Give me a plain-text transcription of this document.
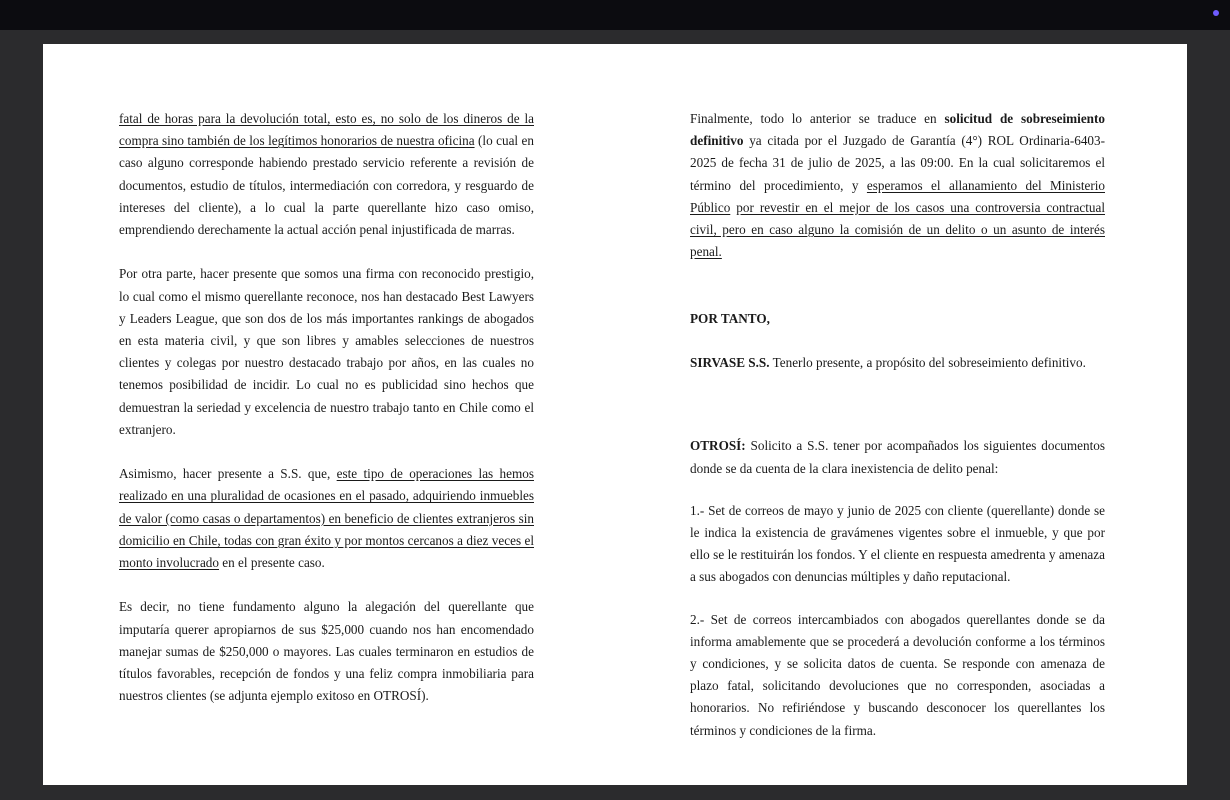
fatal de horas para la devolución total, esto es, no solo de los dineros de la compra sino también de los legítimos honorarios de nuestra oficina (lo cual en caso alguno corresponde habiendo prestado servicio referente a revisión de documentos, estudio de títulos, intermediación con corredora, y resguardo de intereses del cliente), a lo cual la parte querellante hizo caso omiso, emprendiendo derechamente la actual acción penal injustificada de marras.

Por otra parte, hacer presente que somos una firma con reconocido prestigio, lo cual como el mismo querellante reconoce, nos han destacado Best Lawyers y Leaders League, que son dos de los más importantes rankings de abogados en esta materia civil, y que son libres y amables selecciones de nuestros clientes y colegas por nuestro destacado trabajo por años, en las cuales no tenemos posibilidad de incidir. Lo cual no es publicidad sino hechos que demuestran la seriedad y excelencia de nuestro trabajo tanto en Chile como el extranjero.

Asimismo, hacer presente a S.S. que, este tipo de operaciones las hemos realizado en una pluralidad de ocasiones en el pasado, adquiriendo inmuebles de valor (como casas o departamentos) en beneficio de clientes extranjeros sin domicilio en Chile, todas con gran éxito y por montos cercanos a diez veces el monto involucrado en el presente caso.

Es decir, no tiene fundamento alguno la alegación del querellante que imputaría querer apropiarnos de sus $25,000 cuando nos han encomendado manejar sumas de $250,000 o mayores. Las cuales terminaron en estudios de títulos favorables, recepción de fondos y una feliz compra inmobiliaria para nuestros clientes (se adjunta ejemplo exitoso en OTROSÍ).

Finalmente, todo lo anterior se traduce en solicitud de sobreseimiento definitivo ya citada por el Juzgado de Garantía (4°) ROL Ordinaria-6403-2025 de fecha 31 de julio de 2025, a las 09:00. En la cual solicitaremos el término del procedimiento, y esperamos el allanamiento del Ministerio Público por revestir en el mejor de los casos una controversia contractual civil, pero en caso alguno la comisión de un delito o un asunto de interés penal.

POR TANTO,

SIRVASE S.S. Tenerlo presente, a propósito del sobreseimiento definitivo.

OTROSÍ: Solicito a S.S. tener por acompañados los siguientes documentos donde se da cuenta de la clara inexistencia de delito penal:

1.- Set de correos de mayo y junio de 2025 con cliente (querellante) donde se le indica la existencia de gravámenes vigentes sobre el inmueble, y que por ello se le restituirán los fondos. Y el cliente en respuesta amedrenta y amenaza a sus abogados con denuncias múltiples y daño reputacional.

2.- Set de correos intercambiados con abogados querellantes donde se da informa amablemente que se procederá a devolución conforme a los términos y condiciones, y se solicita datos de cuenta. Se responde con amenaza de plazo fatal, solicitando devoluciones que no corresponden, asociadas a honorarios. No refiriéndose y buscando desconocer los querellantes los términos y condiciones de la firma.
